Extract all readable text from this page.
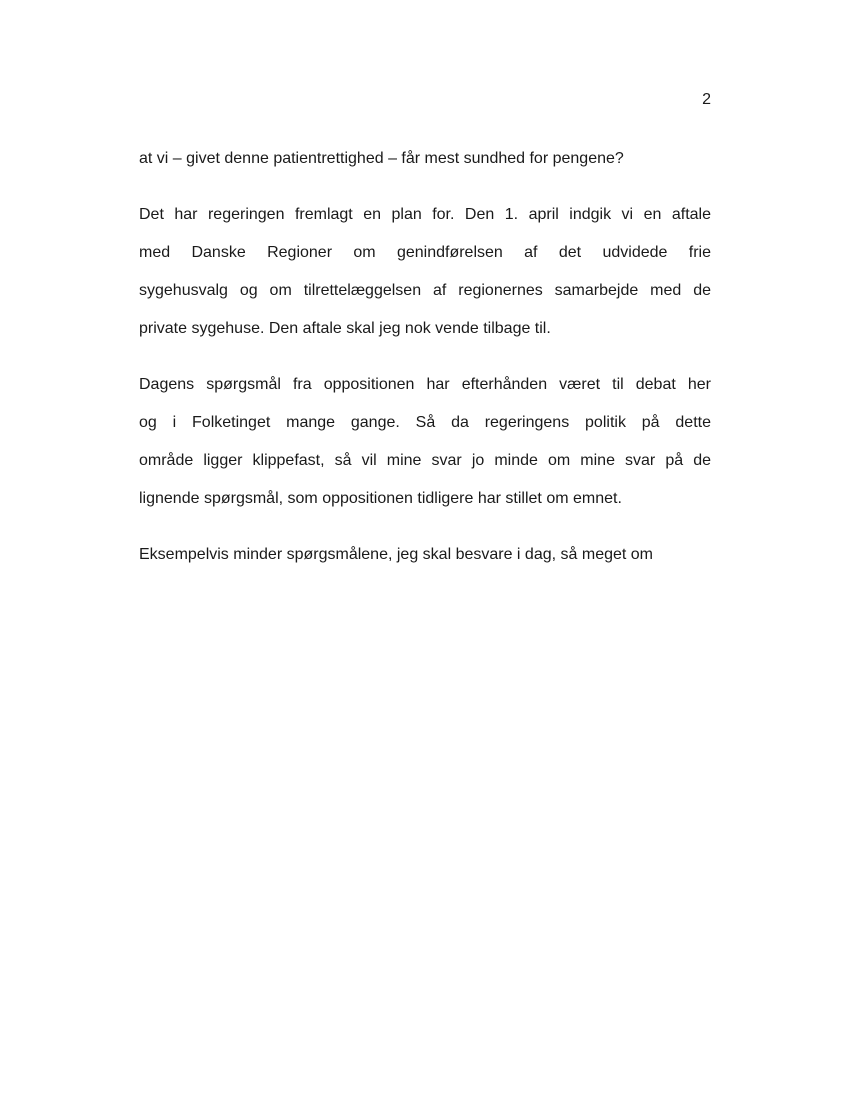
2

at vi – givet denne patientrettighed – får mest sundhed for pengene?

Det har regeringen fremlagt en plan for. Den 1. april indgik vi en aftale
med Danske Regioner om genindførelsen af det udvidede frie
sygehusvalg og om tilrettelæggelsen af regionernes samarbejde med de
private sygehuse. Den aftale skal jeg nok vende tilbage til.

Dagens spørgsmål fra oppositionen har efterhånden været til debat her
og i Folketinget mange gange. Så da regeringens politik på dette
område ligger klippefast, så vil mine svar jo minde om mine svar på de
lignende spørgsmål, som oppositionen tidligere har stillet om emnet.

Eksempelvis minder spørgsmålene, jeg skal besvare i dag, så meget om
